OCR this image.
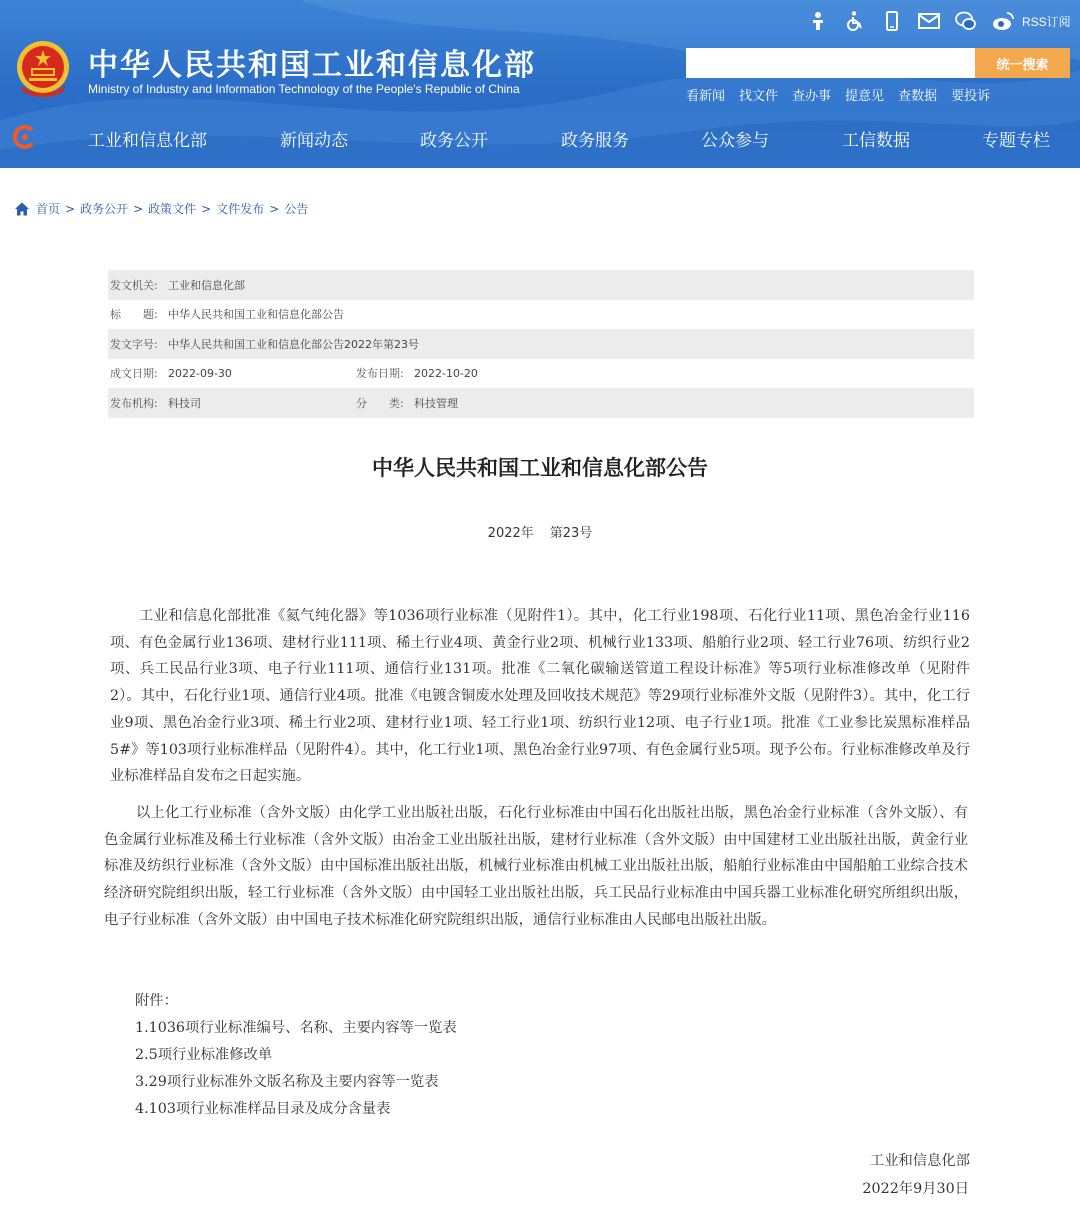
中华人民共和国工业和信息化部
Ministry of Industry and Information Technology of the People's Republic of China
RSS订阅
统一搜索
看新闻 找文件 查办事 提意见 查数据 要投诉
工业和信息化部	新闻动态	政务公开	政务服务	公众参与	工信数据	专题专栏
首页 > 政务公开 > 政策文件 > 文件发布 > 公告
发文机关: 工业和信息化部
标　　题: 中华人民共和国工业和信息化部公告
发文字号: 中华人民共和国工业和信息化部公告2022年第23号
成文日期: 2022-09-30	发布日期: 2022-10-20
发布机构: 科技司	分　　类: 科技管理
中华人民共和国工业和信息化部公告
2022年 第23号

工业和信息化部批准《氦气纯化器》等1036项行业标准（见附件1）。其中，化工行业198项、石化行业11项、黑色冶金行业116项、有色金属行业136项、建材行业111项、稀土行业4项、黄金行业2项、机械行业133项、船舶行业2项、轻工行业76项、纺织行业2项、兵工民品行业3项、电子行业111项、通信行业131项。批准《二氧化碳输送管道工程设计标准》等5项行业标准修改单（见附件2）。其中，石化行业1项、通信行业4项。批准《电镀含铜废水处理及回收技术规范》等29项行业标准外文版（见附件3）。其中，化工行业9项、黑色冶金行业3项、稀土行业2项、建材行业1项、轻工行业1项、纺织行业12项、电子行业1项。批准《工业参比炭黑标准样品 5#》等103项行业标准样品（见附件4）。其中，化工行业1项、黑色冶金行业97项、有色金属行业5项。现予公布。行业标准修改单及行业标准样品自发布之日起实施。

以上化工行业标准（含外文版）由化学工业出版社出版，石化行业标准由中国石化出版社出版，黑色冶金行业标准（含外文版）、有色金属行业标准及稀土行业标准（含外文版）由冶金工业出版社出版，建材行业标准（含外文版）由中国建材工业出版社出版，黄金行业标准及纺织行业标准（含外文版）由中国标准出版社出版，机械行业标准由机械工业出版社出版，船舶行业标准由中国船舶工业综合技术经济研究院组织出版，轻工行业标准（含外文版）由中国轻工业出版社出版，兵工民品行业标准由中国兵器工业标准化研究所组织出版，电子行业标准（含外文版）由中国电子技术标准化研究院组织出版，通信行业标准由人民邮电出版社出版。

附件：
1.1036项行业标准编号、名称、主要内容等一览表
2.5项行业标准修改单
3.29项行业标准外文版名称及主要内容等一览表
4.103项行业标准样品目录及成分含量表
工业和信息化部
2022年9月30日
